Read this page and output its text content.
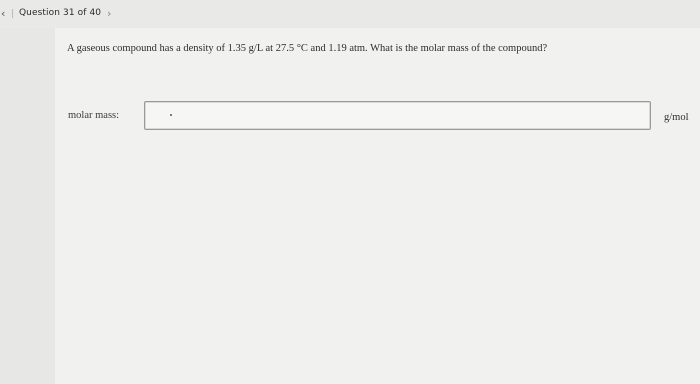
‹ Question 31 of 40 ›
A gaseous compound has a density of 1.35 g/L at 27.5 °C and 1.19 atm. What is the molar mass of the compound?
molar mass:	g/mol
